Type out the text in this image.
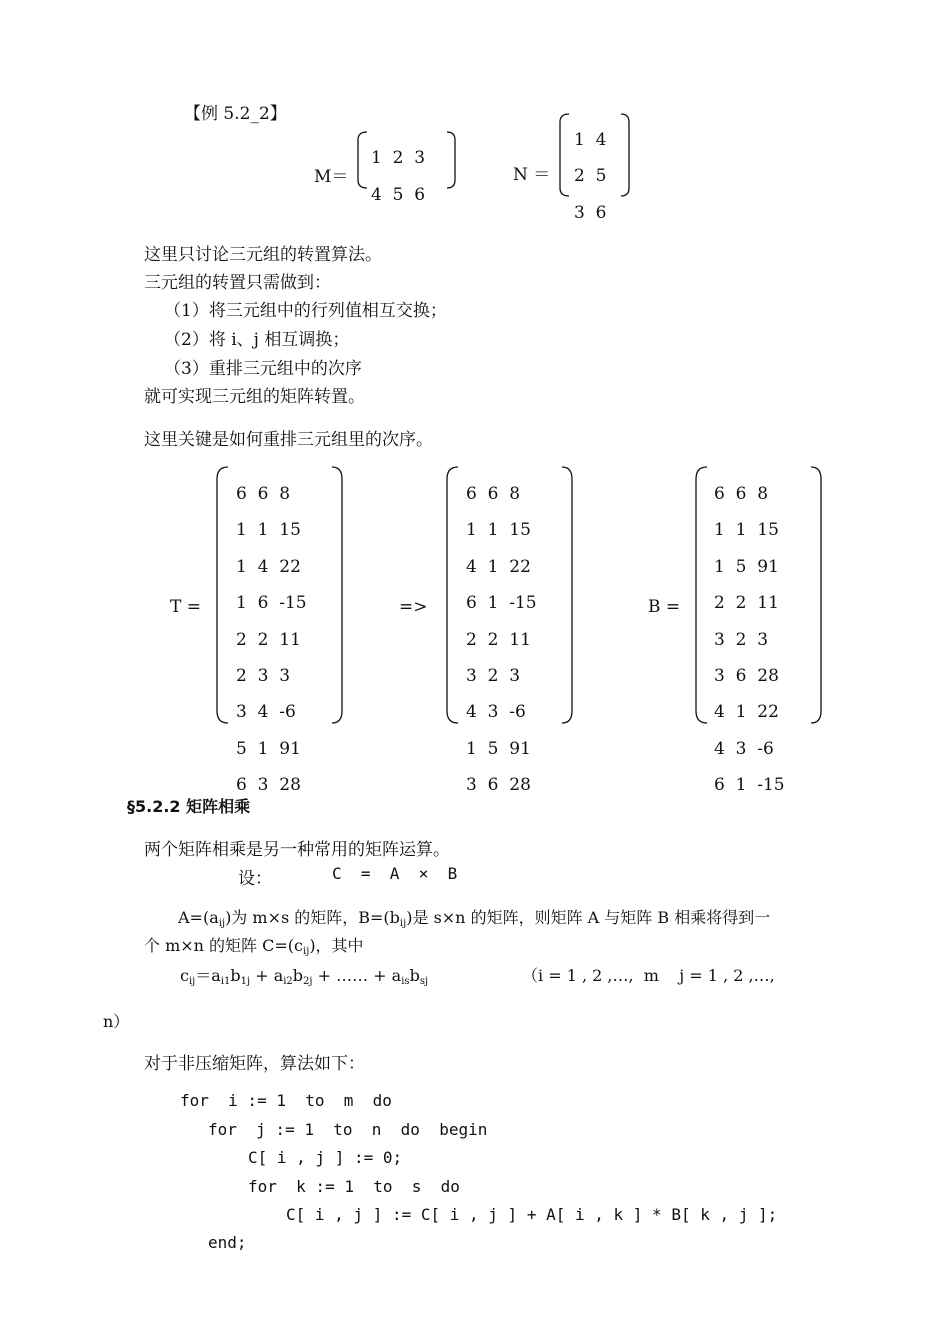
【例 5.2_2】
M＝
1  2  3
4  5  6
N ＝
1  4
2  5
3  6
这里只讨论三元组的转置算法。
三元组的转置只需做到：
（1）将三元组中的行列值相互交换；
（2）将 i、j 相互调换；
（3）重排三元组中的次序
就可实现三元组的矩阵转置。
这里关键是如何重排三元组里的次序。
T =	=>	B =
6  6  8
1  1  15
1  4  22
1  6  -15
2  2  11
2  3  3
3  4  -6
5  1  91
6  3  28
6  6  8
1  1  15
4  1  22
6  1  -15
2  2  11
3  2  3
4  3  -6
1  5  91
3  6  28
6  6  8
1  1  15
1  5  91
2  2  11
3  2  3
3  6  28
4  1  22
4  3  -6
6  1  -15
§5.2.2 矩阵相乘
两个矩阵相乘是另一种常用的矩阵运算。
设：	C  =  A  ×  B
$A=(a_{ij})$为 m×s 的矩阵，$B=(b_{ij})$是 s×n 的矩阵，则矩阵 A 与矩阵 B 相乘将得到一
个 m×n 的矩阵 $C=(c_{ij})$，其中
$c_{ij}=a_{i1}b_{1j} + a_{i2}b_{2j}$ + …… + $a_{is}b_{sj}$	（i = 1 , 2 ,…,  m    j = 1 , 2 ,…,
n）
对于非压缩矩阵，算法如下：
for  i := 1  to  m  do
for  j := 1  to  n  do  begin
C[ i , j ] := 0;
for  k := 1  to  s  do
C[ i , j ] := C[ i , j ] + A[ i , k ] * B[ k , j ];
end;
